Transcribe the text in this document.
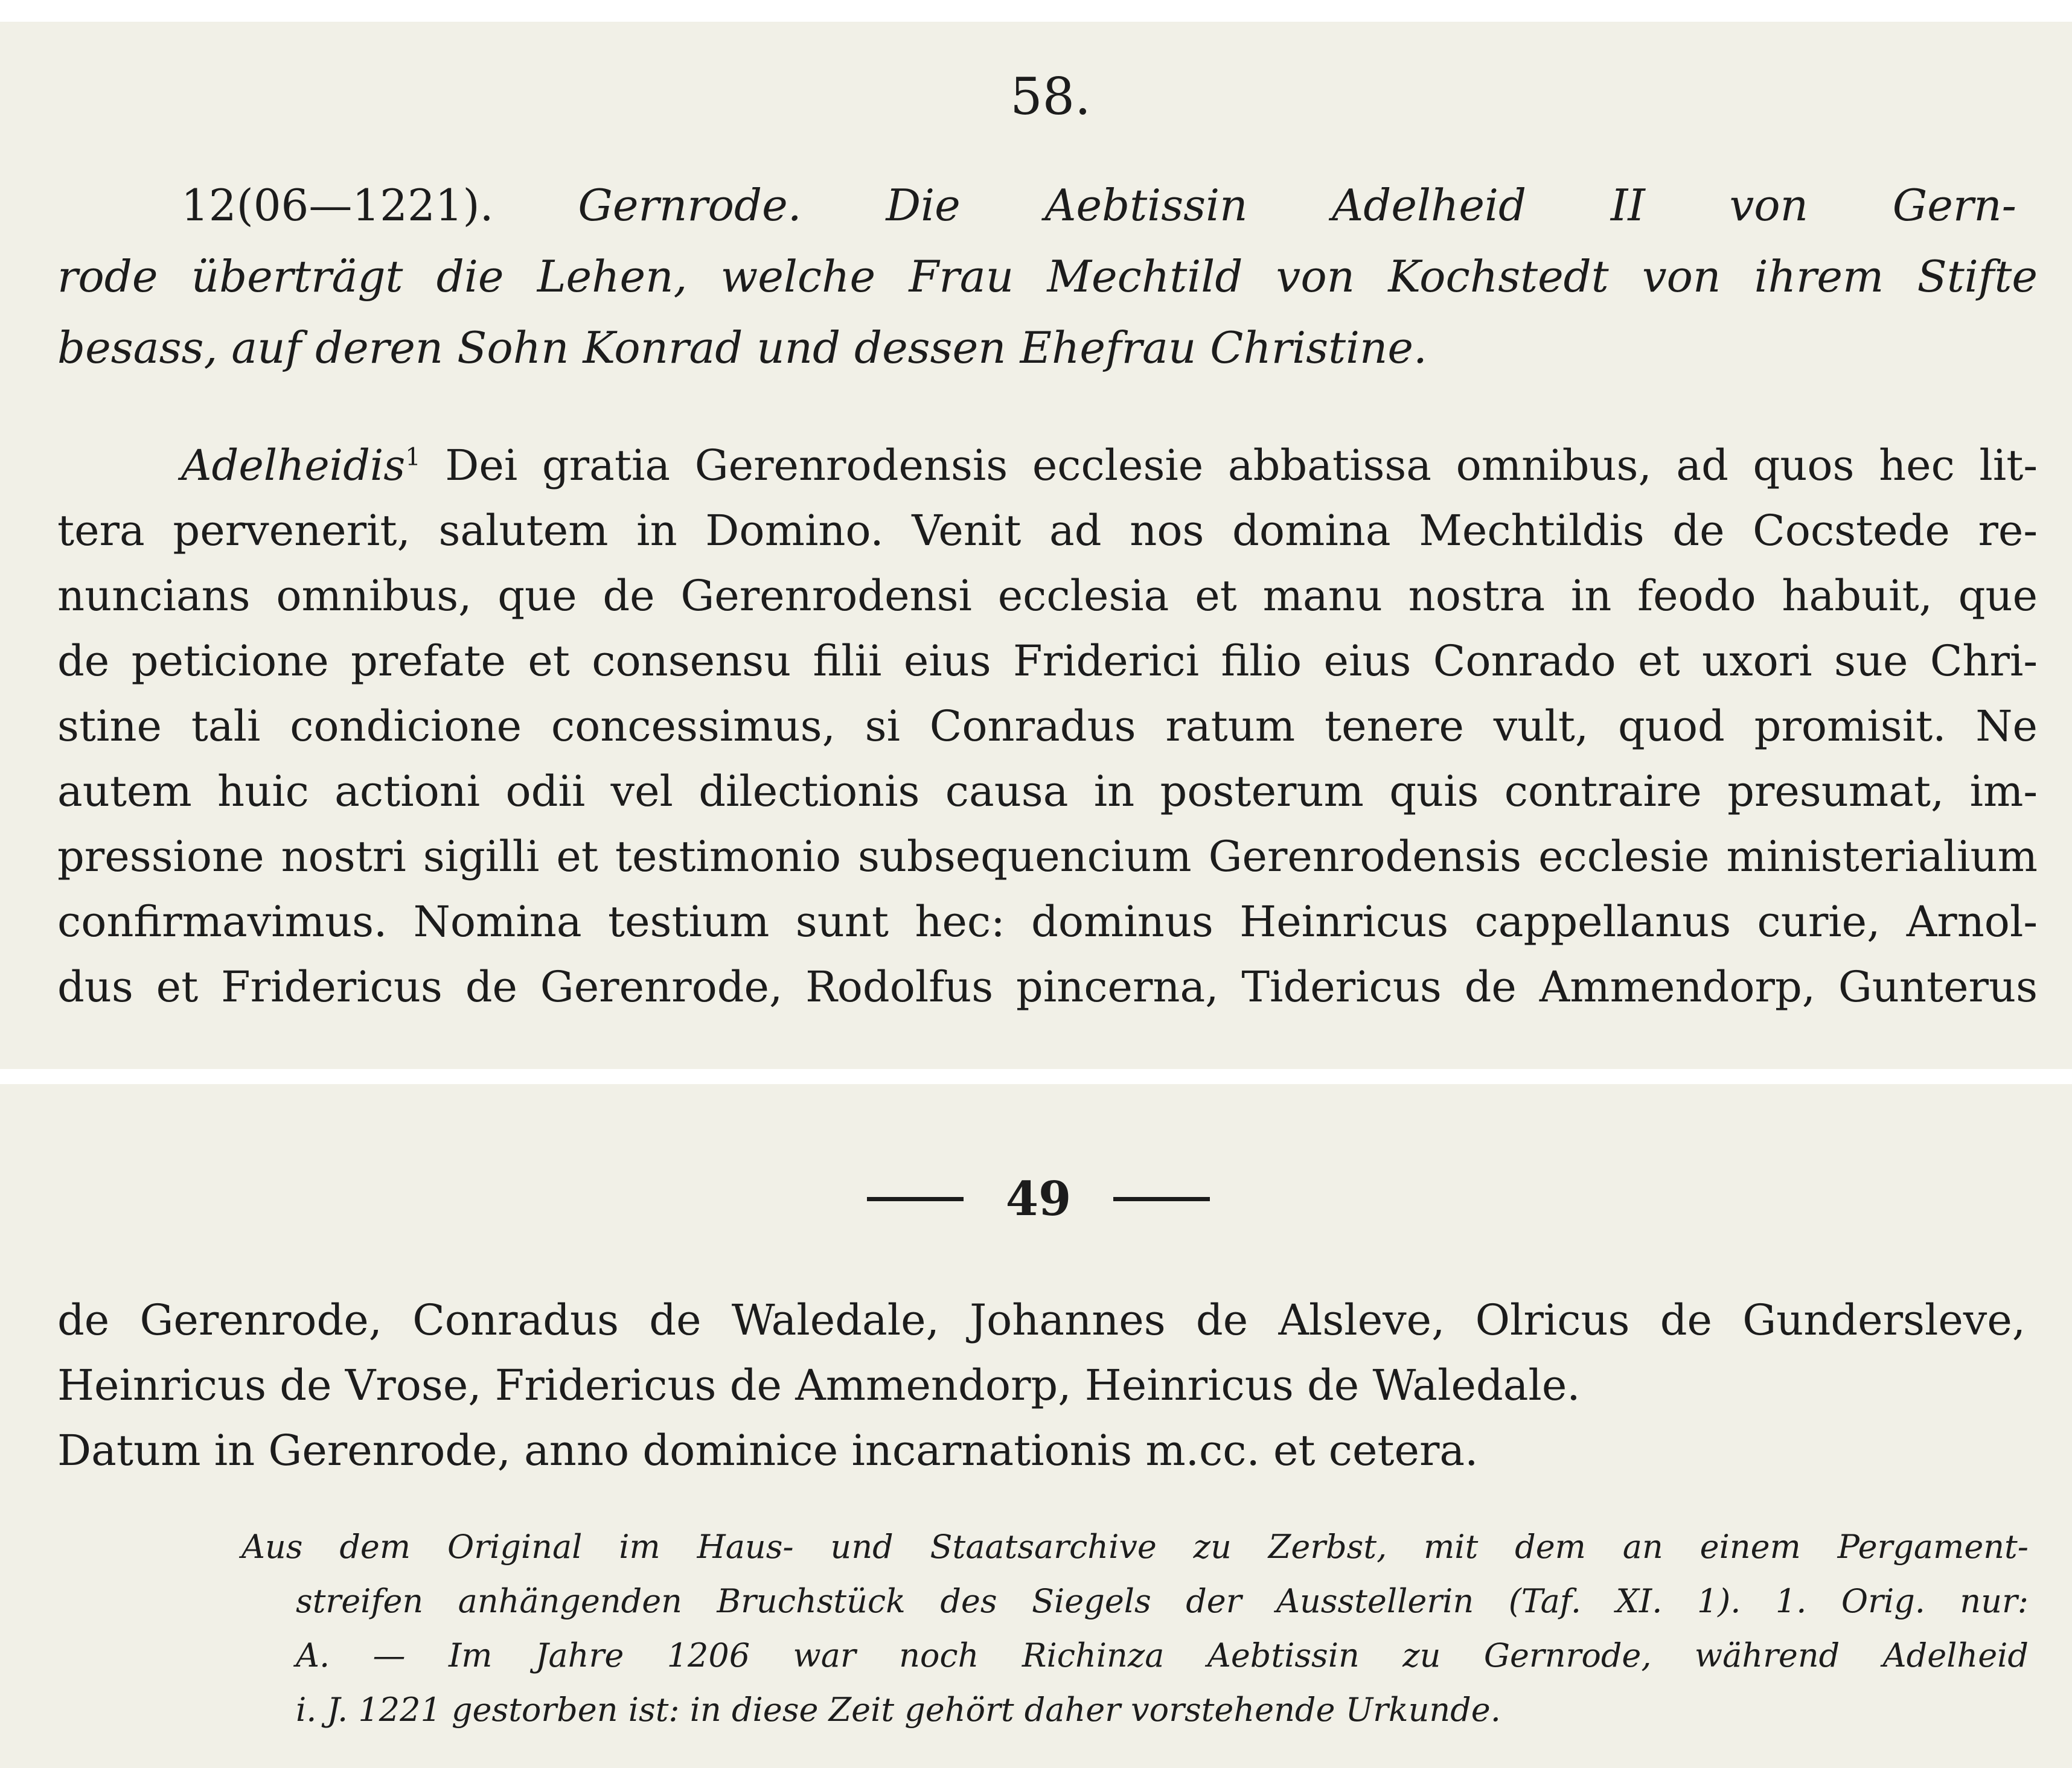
58.
12(06—1221). Gernrode. Die Aebtissin Adelheid II von Gern-
rode überträgt die Lehen, welche Frau Mechtild von Kochstedt von ihrem Stifte
besass, auf deren Sohn Konrad und dessen Ehefrau Christine.
Adelheidis$^1$ Dei gratia Gerenrodensis ecclesie abbatissa omnibus, ad quos hec lit-
tera pervenerit, salutem in Domino. Venit ad nos domina Mechtildis de Cocstede re-
nuncians omnibus, que de Gerenrodensi ecclesia et manu nostra in feodo habuit, que
de peticione prefate et consensu filii eius Friderici filio eius Conrado et uxori sue Chri-
stine tali condicione concessimus, si Conradus ratum tenere vult, quod promisit. Ne
autem huic actioni odii vel dilectionis causa in posterum quis contraire presumat, im-
pressione nostri sigilli et testimonio subsequencium Gerenrodensis ecclesie ministerialium
confirmavimus. Nomina testium sunt hec: dominus Heinricus cappellanus curie, Arnol-
dus et Fridericus de Gerenrode, Rodolfus pincerna, Tidericus de Ammendorp, Gunterus
49
de Gerenrode, Conradus de Waledale, Johannes de Alsleve, Olricus de Gundersleve,
Heinricus de Vrose, Fridericus de Ammendorp, Heinricus de Waledale.
Datum in Gerenrode, anno dominice incarnationis m.cc. et cetera.
Aus dem Original im Haus- und Staatsarchive zu Zerbst, mit dem an einem Pergament-
streifen anhängenden Bruchstück des Siegels der Ausstellerin (Taf. XI. 1). 1. Orig. nur:
A. — Im Jahre 1206 war noch Richinza Aebtissin zu Gernrode, während Adelheid
i. J. 1221 gestorben ist: in diese Zeit gehört daher vorstehende Urkunde.
